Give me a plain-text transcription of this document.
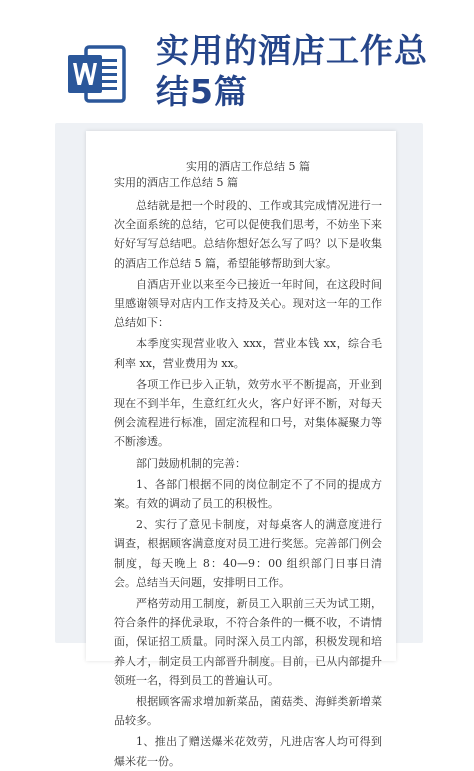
实用的酒店工作总结5篇

实用的酒店工作总结 5 篇

实用的酒店工作总结 5 篇

总结就是把一个时段的、工作或其完成情况进行一次全面系统的总结，它可以促使我们思考，不妨坐下来好好写写总结吧。总结你想好怎么写了吗？以下是收集的酒店工作总结 5 篇，希望能够帮助到大家。

自酒店开业以来至今已接近一年时间，在这段时间里感谢领导对店内工作支持及关心。现对这一年的工作总结如下：

本季度实现营业收入 xxx，营业本钱 xx，综合毛利率 xx，营业费用为 xx。

各项工作已步入正轨，效劳水平不断提高，开业到现在不到半年，生意红红火火，客户好评不断，对每天例会流程进行标准，固定流程和口号，对集体凝聚力等不断渗透。

部门鼓励机制的完善：

1、各部门根据不同的岗位制定不了不同的提成方案。有效的调动了员工的积极性。

2、实行了意见卡制度，对每桌客人的满意度进行调查，根据顾客满意度对员工进行奖惩。完善部门例会制度，每天晚上 8：40—9：00 组织部门日事日清会。总结当天问题，安排明日工作。

严格劳动用工制度，新员工入职前三天为试工期，符合条件的择优录取，不符合条件的一概不收，不请情面，保证招工质量。同时深入员工内部，积极发现和培养人才，制定员工内部晋升制度。目前，已从内部提升领班一名，得到员工的普遍认可。

根据顾客需求增加新菜品，菌菇类、海鲜类新增菜品较多。

1、推出了赠送爆米花效劳，凡进店客人均可得到爆米花一份。
